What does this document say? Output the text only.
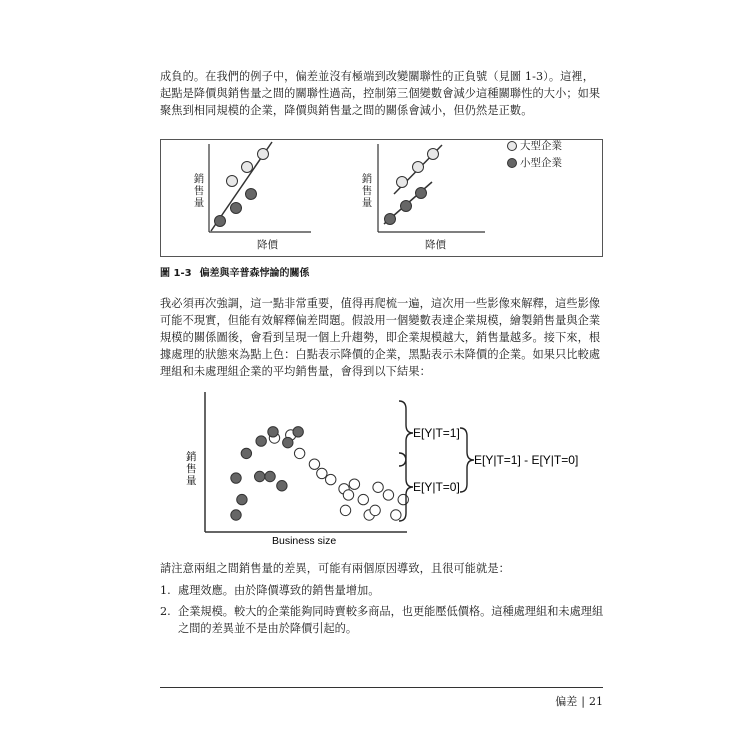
成負的。在我們的例子中，偏差並沒有極端到改變關聯性的正負號（見圖 1-3）。這裡，起點是降價與銷售量之間的關聯性過高，控制第三個變數會減少這種關聯性的大小；如果聚焦到相同規模的企業，降價與銷售量之間的關係會減小，但仍然是正數。

銷
售
量
降價
銷
售
量
降價
大型企業
小型企業
圖 1-3 偏差與辛普森悖論的關係

我必須再次強調，這一點非常重要，值得再爬梳一遍，這次用一些影像來解釋，這些影像可能不現實，但能有效解釋偏差問題。假設用一個變數表達企業規模，繪製銷售量與企業規模的關係圖後，會看到呈現一個上升趨勢，即企業規模越大，銷售量越多。接下來，根據處理的狀態來為點上色：白點表示降價的企業，黑點表示未降價的企業。如果只比較處理組和未處理組企業的平均銷售量，會得到以下結果：

Business size
銷
售
量
E[Y|T=1]
E[Y|T=0]
E[Y|T=1] - E[Y|T=0]

請注意兩組之間銷售量的差異，可能有兩個原因導致，且很可能就是：

1. 處理效應。由於降價導致的銷售量增加。
2. 企業規模。較大的企業能夠同時賣較多商品，也更能壓低價格。這種處理組和未處理組之間的差異並不是由於降價引起的。
偏差 | 21
